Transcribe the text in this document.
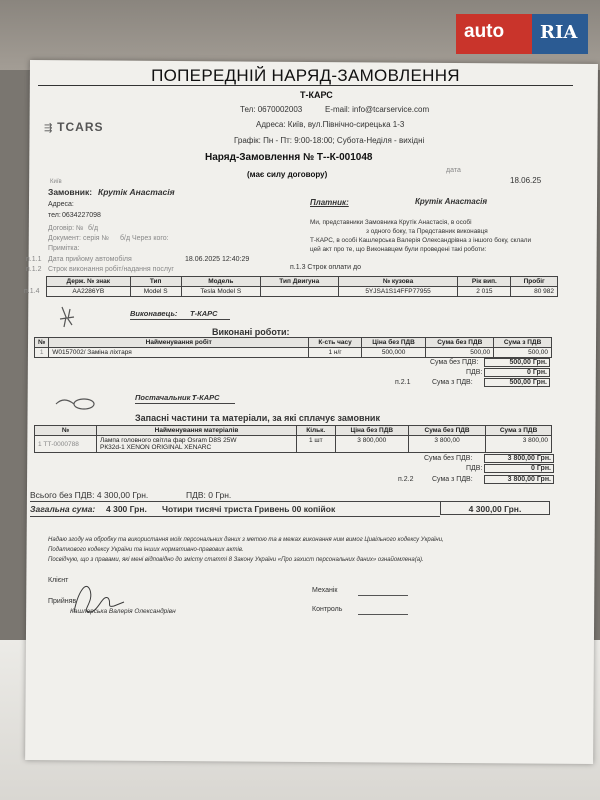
auto	RIA
ПОПЕРЕДНІЙ НАРЯД-ЗАМОВЛЕННЯ
Т-КАРС
Тел: 0670002003	E-mail: info@tcarservice.com
Адреса: Київ, вул.Північно-сирецька 1-3
Графік: Пн - Пт: 9:00-18:00; Субота-Неділя - вихідні
⇶ TCARS
Наряд-Замовлення № Т--К-001048
(має силу договору)	дата
18.06.25
Київ
Замовник: Крутік Анастасія
Адреса:
тел: 0634227098
Договір: № б/д
Документ: серія № б/д Через кого:
Примітка:
п.1.1 Дата прийому автомобіля	18.06.2025 12:40:29
п.1.2 Строк виконання робіт/надання послуг	п.1.3 Строк оплати до
Платник:	Крутік Анастасія
Ми, представники Замовника Крутік Анастасія, в особі
з одного боку, та Представник виконавця
Т-КАРС, в особі Кашлерська Валерія Олександрівна з іншого боку, склали
цей акт про те, що Виконавцем були проведені такі роботи:
п.1.4
Держ. № знак	Тип	Модель	Тип Двигуна	№ кузова	Рік вип.	Пробіг
AA2286YB	Model S	Tesla Model S		5YJSA1S14FFP77955	2 015	80 982
Виконавець: Т-КАРС
Виконані роботи:
№	Найменування робіт	К-сть часу	Ціна без ПДВ	Сума без ПДВ	Сума з ПДВ
1	W0157002/ Заміна ліхтаря	1 н/г	500,000	500,00	500,00
Сума без ПДВ:	500,00 Грн.
ПДВ:	0 Грн.
п.2.1	Сума з ПДВ:	500,00 Грн.
Постачальник :
Т-КАРС
Запасні частини та матеріали, за які сплачує замовник
№	Найменування матеріалів	Кільк.	Ціна без ПДВ	Сума без ПДВ	Сума з ПДВ
1 ТТ-0000788	Лампа головного світла фар Osram D8S 25W
РК32d-1 XENON ORIGINAL XENARC	1 шт	3 800,000	3 800,00	3 800,00
Сума без ПДВ:	3 800,00 Грн.
ПДВ:	0 Грн.
п.2.2	Сума з ПДВ:	3 800,00 Грн.
Всього без ПДВ: 4 300,00 Грн.	ПДВ: 0 Грн.
Загальна сума: 4 300 Грн. Чотири тисячі триста Гривень 00 копійок	4 300,00 Грн.
Надаю згоду на обробку та використання моїх персональних даних з метою та в межах виконання ним вимог Цивільного кодексу України,
Податкового кодексу України та інших нормативно-правових актів.
Посвідчую, що з правами, які мені відповідно до змісту статті 8 Закону України «Про захист персональних даних» ознайомлена(а).
Клієнт
Прийняв
Кашлерська Валерія Олександрівн
Механік
Контроль
